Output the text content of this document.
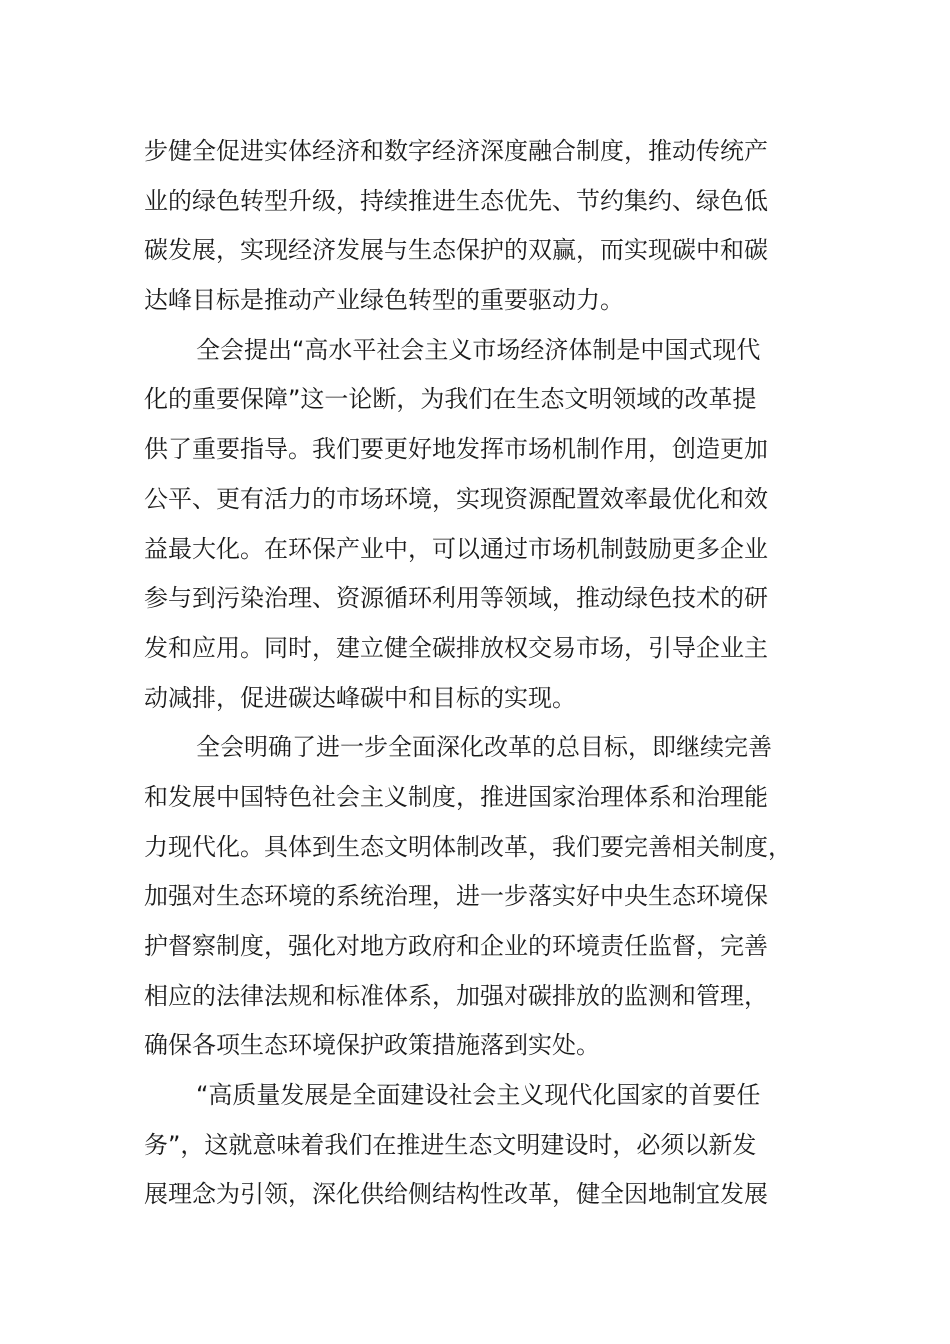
步健全促进实体经济和数字经济深度融合制度，推动传统产
业的绿色转型升级，持续推进生态优先、节约集约、绿色低
碳发展，实现经济发展与生态保护的双赢，而实现碳中和碳
达峰目标是推动产业绿色转型的重要驱动力。
全会提出“高水平社会主义市场经济体制是中国式现代
化的重要保障”这一论断，为我们在生态文明领域的改革提
供了重要指导。我们要更好地发挥市场机制作用，创造更加
公平、更有活力的市场环境，实现资源配置效率最优化和效
益最大化。在环保产业中，可以通过市场机制鼓励更多企业
参与到污染治理、资源循环利用等领域，推动绿色技术的研
发和应用。同时，建立健全碳排放权交易市场，引导企业主
动减排，促进碳达峰碳中和目标的实现。
全会明确了进一步全面深化改革的总目标，即继续完善
和发展中国特色社会主义制度，推进国家治理体系和治理能
力现代化。具体到生态文明体制改革，我们要完善相关制度，
加强对生态环境的系统治理，进一步落实好中央生态环境保
护督察制度，强化对地方政府和企业的环境责任监督，完善
相应的法律法规和标准体系，加强对碳排放的监测和管理，
确保各项生态环境保护政策措施落到实处。
“高质量发展是全面建设社会主义现代化国家的首要任
务”，这就意味着我们在推进生态文明建设时，必须以新发
展理念为引领，深化供给侧结构性改革，健全因地制宜发展
